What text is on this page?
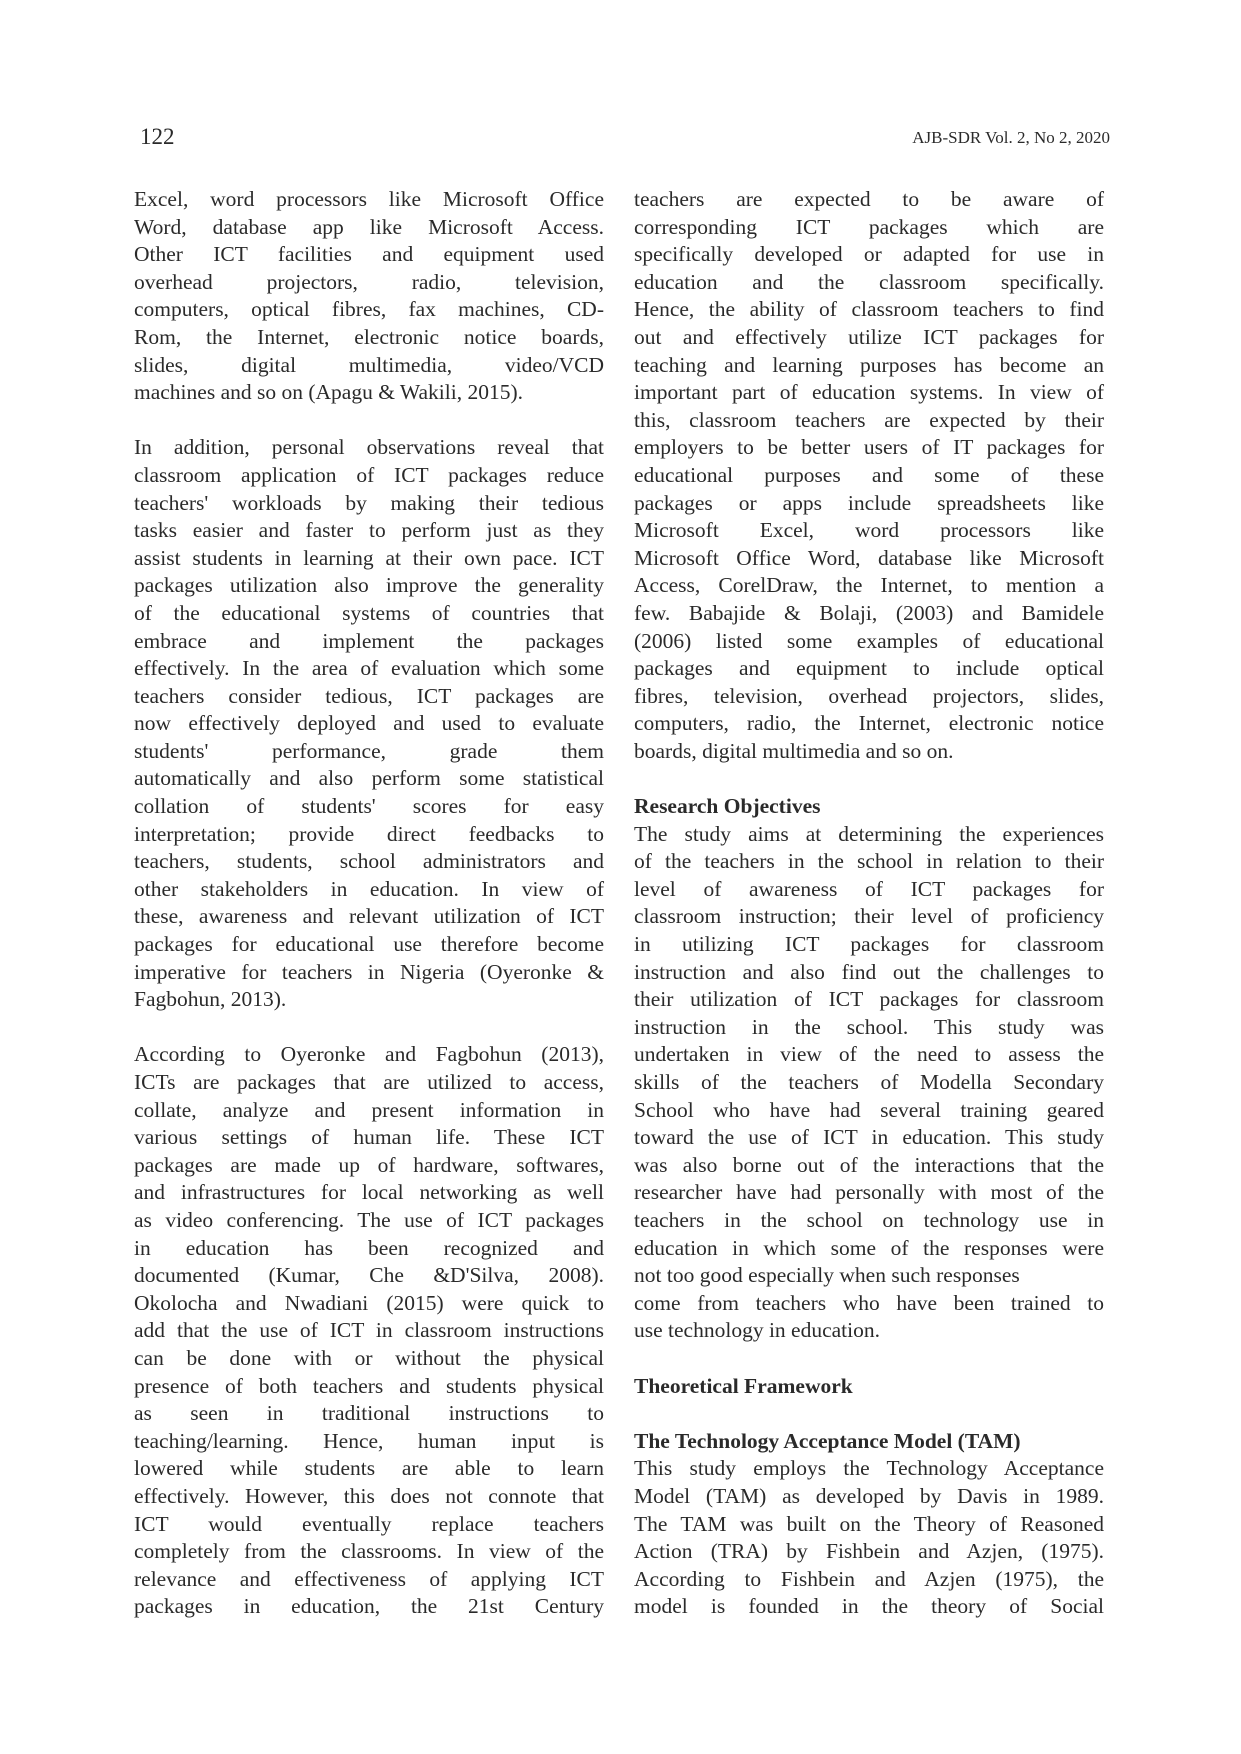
122	AJB-SDR Vol. 2, No 2, 2020
Excel, word processors like Microsoft Office
Word, database app like Microsoft Access.
Other ICT facilities and equipment used
overhead projectors, radio, television,
computers, optical fibres, fax machines, CD-
Rom, the Internet, electronic notice boards,
slides, digital multimedia, video/VCD
machines and so on (Apagu & Wakili, 2015).
In addition, personal observations reveal that
classroom application of ICT packages reduce
teachers' workloads by making their tedious
tasks easier and faster to perform just as they
assist students in learning at their own pace. ICT
packages utilization also improve the generality
of the educational systems of countries that
embrace and implement the packages
effectively. In the area of evaluation which some
teachers consider tedious, ICT packages are
now effectively deployed and used to evaluate
students' performance, grade them
automatically and also perform some statistical
collation of students' scores for easy
interpretation; provide direct feedbacks to
teachers, students, school administrators and
other stakeholders in education. In view of
these, awareness and relevant utilization of ICT
packages for educational use therefore become
imperative for teachers in Nigeria (Oyeronke &
Fagbohun, 2013).
According to Oyeronke and Fagbohun (2013),
ICTs are packages that are utilized to access,
collate, analyze and present information in
various settings of human life. These ICT
packages are made up of hardware, softwares,
and infrastructures for local networking as well
as video conferencing. The use of ICT packages
in education has been recognized and
documented (Kumar, Che &D'Silva, 2008).
Okolocha and Nwadiani (2015) were quick to
add that the use of ICT in classroom instructions
can be done with or without the physical
presence of both teachers and students physical
as seen in traditional instructions to
teaching/learning. Hence, human input is
lowered while students are able to learn
effectively. However, this does not connote that
ICT would eventually replace teachers
completely from the classrooms. In view of the
relevance and effectiveness of applying ICT
packages in education, the 21st Century
teachers are expected to be aware of
corresponding ICT packages which are
specifically developed or adapted for use in
education and the classroom specifically.
Hence, the ability of classroom teachers to find
out and effectively utilize ICT packages for
teaching and learning purposes has become an
important part of education systems. In view of
this, classroom teachers are expected by their
employers to be better users of IT packages for
educational purposes and some of these
packages or apps include spreadsheets like
Microsoft Excel, word processors like
Microsoft Office Word, database like Microsoft
Access, CorelDraw, the Internet, to mention a
few. Babajide & Bolaji, (2003) and Bamidele
(2006) listed some examples of educational
packages and equipment to include optical
fibres, television, overhead projectors, slides,
computers, radio, the Internet, electronic notice
boards, digital multimedia and so on.
Research Objectives
The study aims at determining the experiences
of the teachers in the school in relation to their
level of awareness of ICT packages for
classroom instruction; their level of proficiency
in utilizing ICT packages for classroom
instruction and also find out the challenges to
their utilization of ICT packages for classroom
instruction in the school. This study was
undertaken in view of the need to assess the
skills of the teachers of Modella Secondary
School who have had several training geared
toward the use of ICT in education. This study
was also borne out of the interactions that the
researcher have had personally with most of the
teachers in the school on technology use in
education in which some of the responses were
not too good especially when such responses
come from teachers who have been trained to
use technology in education.
Theoretical Framework
The Technology Acceptance Model (TAM)
This study employs the Technology Acceptance
Model (TAM) as developed by Davis in 1989.
The TAM was built on the Theory of Reasoned
Action (TRA) by Fishbein and Azjen, (1975).
According to Fishbein and Azjen (1975), the
model is founded in the theory of Social
